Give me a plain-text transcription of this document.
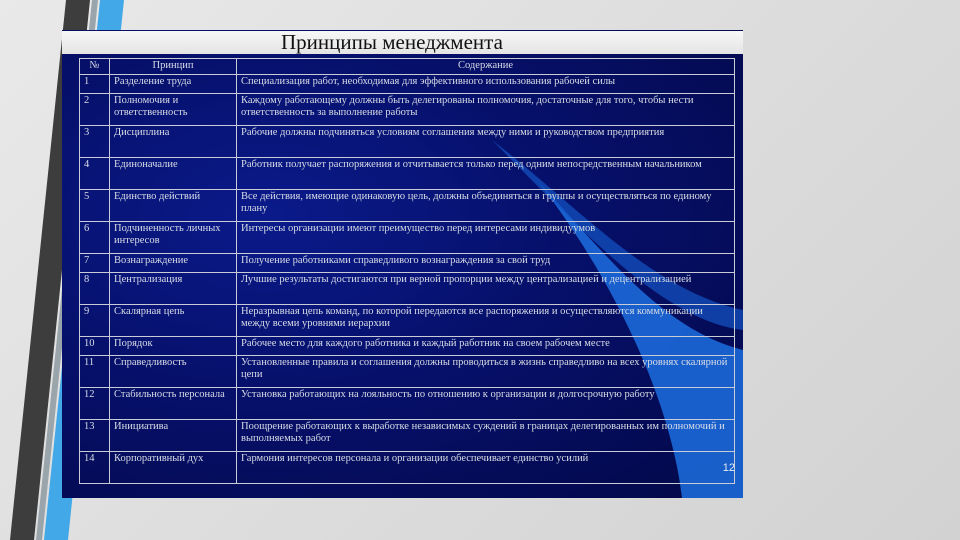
Принципы менеджмента
№	Принцип	Содержание
1	Разделение труда	Специализация работ, необходимая для эффективного использования рабочей силы
2	Полномочия и ответственность	Каждому работающему должны быть делегированы полномочия, достаточные для того, чтобы нести ответственность за выполнение работы
3	Дисциплина	Рабочие должны подчиняться условиям соглашения между ними и руководством предприятия
4	Единоначалие	Работник получает распоряжения и отчитывается только перед одним непосредственным начальником
5	Единство действий	Все действия, имеющие одинаковую цель, должны объединяться в группы и осуществляться по единому плану
6	Подчиненность личных интересов	Интересы организации имеют преимущество перед интересами индивидуумов
7	Вознаграждение	Получение работниками справедливого вознаграждения за свой труд
8	Централизация	Лучшие результаты достигаются при верной пропорции между централизацией и децентрализацией
9	Скалярная цепь	Неразрывная цепь команд, по которой передаются все распоряжения и осуществляются коммуникации между всеми уровнями иерархии
10	Порядок	Рабочее место для каждого работника и каждый работник на своем рабочем месте
11	Справедливость	Установленные правила и соглашения должны проводиться в жизнь справедливо на всех уровнях скалярной цепи
12	Стабильность персонала	Установка работающих на лояльность по отношению к организации и долгосрочную работу
13	Инициатива	Поощрение работающих к выработке независимых суждений в границах делегированных им полномочий и выполняемых работ
14	Корпоративный дух	Гармония интересов персонала и организации обеспечивает единство усилий
12
